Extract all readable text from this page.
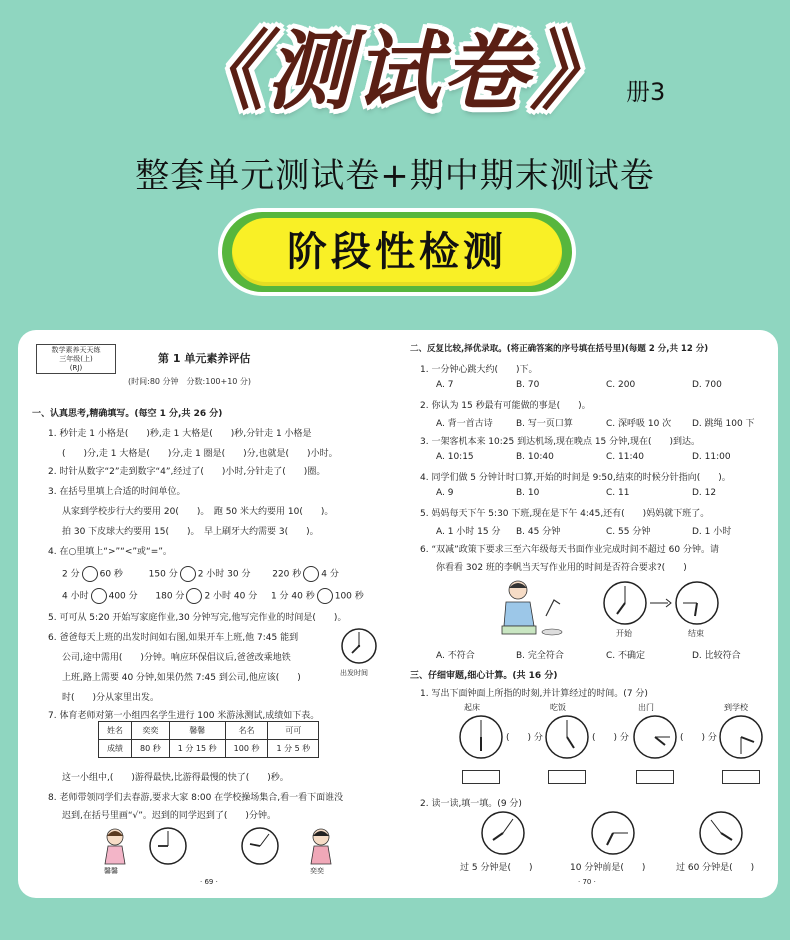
《测试卷》 册3
整套单元测试卷+期中期末测试卷
阶段性检测
数学素养天天练
三年级(上)
(RJ)
第 1 单元素养评估
(时间:80 分钟　分数:100+10 分)
一、认真思考,精确填写。(每空 1 分,共 26 分)
1. 秒针走 1 小格是(　　)秒,走 1 大格是(　　)秒,分针走 1 小格是
(　　)分,走 1 大格是(　　)分,走 1 圈是(　　)分,也就是(　　)小时。
2. 时针从数字“2”走到数字“4”,经过了(　　)小时,分针走了(　　)圈。
3. 在括号里填上合适的时间单位。
从家到学校步行大约要用 20(　　)。　跑 50 米大约要用 10(　　)。
拍 30 下皮球大约要用 15(　　)。　早上刷牙大约需要 3(　　)。
4. 在○里填上“>”“<”或“=”。
2 分 60 秒	150 分 2 小时 30 分 220 秒 4 分
4 小时 400 分 180 分 2 小时 40 分 1 分 40 秒 100 秒
5. 可可从 5:20 开始写家庭作业,30 分钟写完,他写完作业的时间是(　　)。
6. 爸爸每天上班的出发时间如右图,如果开车上班,他 7:45 能到
公司,途中需用(　　)分钟。响应环保倡议后,爸爸改乘地铁
上班,路上需要 40 分钟,如果仍然 7:45 到公司,他应该(　　)
时(　　)分从家里出发。
出发时间
7. 体育老师对第一小组四名学生进行 100 米游泳测试,成绩如下表。
姓名	奕奕	馨馨	名名	可可
成绩	80 秒	1 分 15 秒	100 秒	1 分 5 秒
这一小组中,(　　)游得最快,比游得最慢的快了(　　)秒。
8. 老师带领同学们去春游,要求大家 8:00 在学校操场集合,看一看下面谁没
迟到,在括号里画“√”。迟到的同学迟到了(　　)分钟。
馨馨	奕奕
· 69 ·
二、反复比较,择优录取。(将正确答案的序号填在括号里)(每题 2 分,共 12 分)
1. 一分钟心跳大约(　　)下。
A. 7	B. 70	C. 200	D. 700
2. 你认为 15 秒最有可能做的事是(　　)。
A. 背一首古诗	B. 写一页口算	C. 深呼吸 10 次 D. 跳绳 100 下
3. 一架客机本来 10:25 到达机场,现在晚点 15 分钟,现在(　　)到达。
A. 10:15	B. 10:40	C. 11:40	D. 11:00
4. 同学们做 5 分钟计时口算,开始的时间是 9:50,结束的时候分针指向(　　)。
A. 9	B. 10	C. 11	D. 12
5. 妈妈每天下午 5:30 下班,现在是下午 4:45,还有(　　)妈妈就下班了。
A. 1 小时 15 分 B. 45 分钟	C. 55 分钟	D. 1 小时
6. “双减”政策下要求三至六年级每天书面作业完成时间不超过 60 分钟。请
你看看 302 班的李帆当天写作业用的时间是否符合要求?(　　)
开始	结束
A. 不符合	B. 完全符合	C. 不确定	D. 比较符合
三、仔细审题,细心计算。(共 16 分)
1. 写出下面钟面上所指的时刻,并计算经过的时间。(7 分)
起床	吃饭	出门	到学校
(　　) 分	(　　) 分	(　　) 分
2. 读一读,填一填。(9 分)
过 5 分钟是(　　)	10 分钟前是(　　)	过 60 分钟是(　　)
· 70 ·
